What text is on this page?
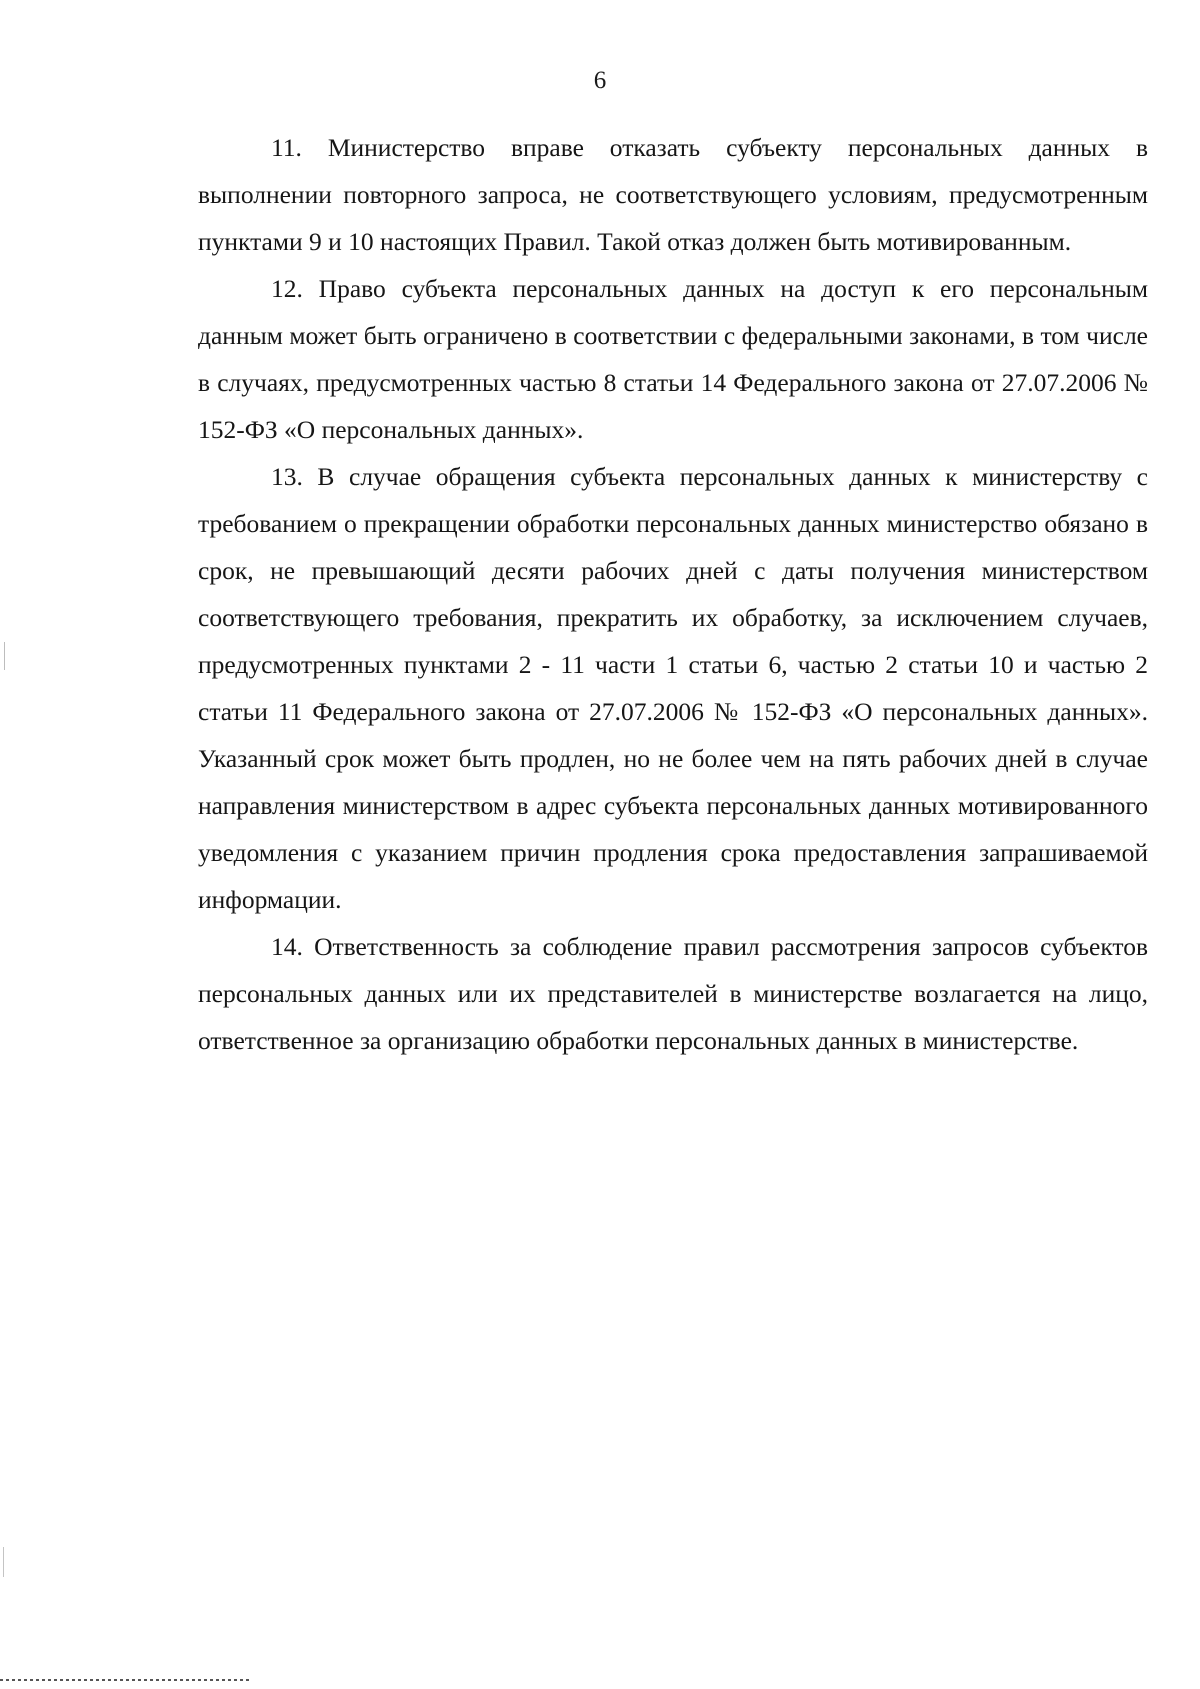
6

11. Министерство вправе отказать субъекту персональных данных в выполнении повторного запроса, не соответствующего условиям, предусмотренным пунктами 9 и 10 настоящих Правил. Такой отказ должен быть мотивированным.

12. Право субъекта персональных данных на доступ к его персональным данным может быть ограничено в соответствии с федеральными законами, в том числе в случаях, предусмотренных частью 8 статьи 14 Федерального закона от 27.07.2006 № 152-ФЗ «О персональных данных».

13. В случае обращения субъекта персональных данных к министерству с требованием о прекращении обработки персональных данных министерство обязано в срок, не превышающий десяти рабочих дней с даты получения министерством соответствующего требования, прекратить их обработку, за исключением случаев, предусмотренных пунктами 2 - 11 части 1 статьи 6, частью 2 статьи 10 и частью 2 статьи 11 Федерального закона от 27.07.2006 № 152-ФЗ «О персональных данных». Указанный срок может быть продлен, но не более чем на пять рабочих дней в случае направления министерством в адрес субъекта персональных данных мотивированного уведомления с указанием причин продления срока предоставления запрашиваемой информации.

14. Ответственность за соблюдение правил рассмотрения запросов субъектов персональных данных или их представителей в министерстве возлагается на лицо, ответственное за организацию обработки персональных данных в министерстве.
